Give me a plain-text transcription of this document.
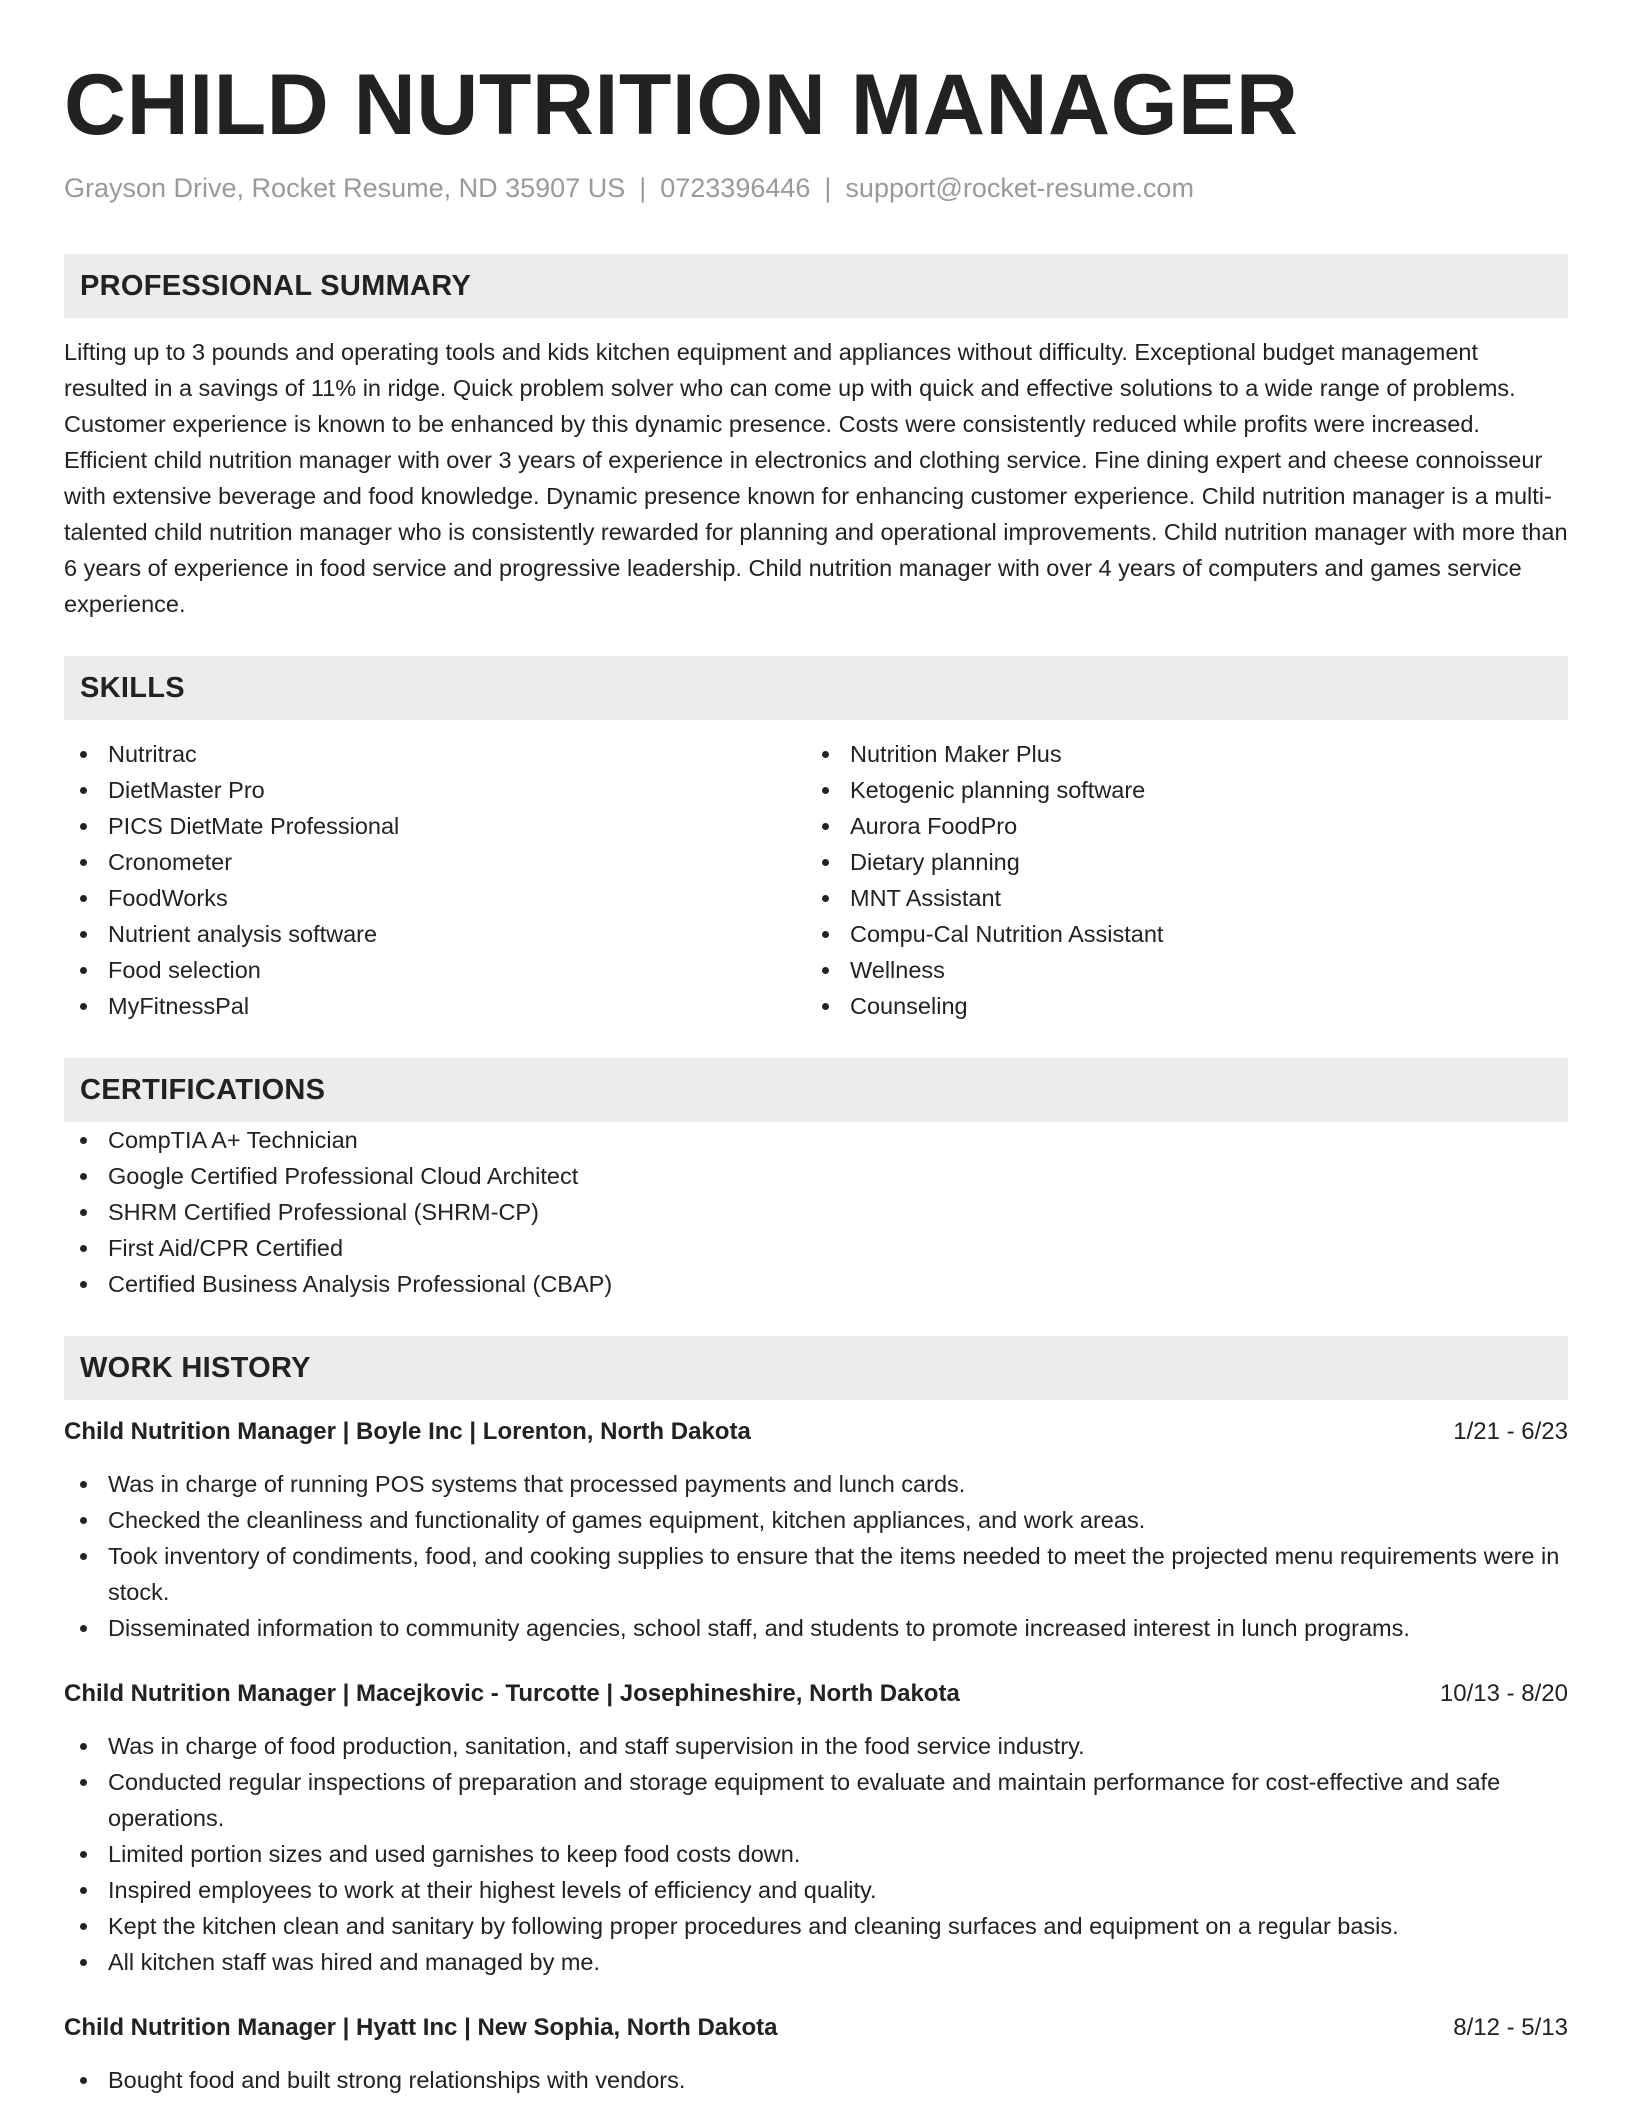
CHILD NUTRITION MANAGER
Grayson Drive, Rocket Resume, ND 35907 US | 0723396446 | support@rocket-resume.com
PROFESSIONAL SUMMARY

Lifting up to 3 pounds and operating tools and kids kitchen equipment and appliances without difficulty. Exceptional budget management resulted in a savings of 11% in ridge. Quick problem solver who can come up with quick and effective solutions to a wide range of problems. Customer experience is known to be enhanced by this dynamic presence. Costs were consistently reduced while profits were increased. Efficient child nutrition manager with over 3 years of experience in electronics and clothing service. Fine dining expert and cheese connoisseur with extensive beverage and food knowledge. Dynamic presence known for enhancing customer experience. Child nutrition manager is a multi-talented child nutrition manager who is consistently rewarded for planning and operational improvements. Child nutrition manager with more than 6 years of experience in food service and progressive leadership. Child nutrition manager with over 4 years of computers and games service experience.

SKILLS
Nutritrac
DietMaster Pro
PICS DietMate Professional
Cronometer
FoodWorks
Nutrient analysis software
Food selection
MyFitnessPal
Nutrition Maker Plus
Ketogenic planning software
Aurora FoodPro
Dietary planning
MNT Assistant
Compu-Cal Nutrition Assistant
Wellness
Counseling
CERTIFICATIONS
CompTIA A+ Technician
Google Certified Professional Cloud Architect
SHRM Certified Professional (SHRM-CP)
First Aid/CPR Certified
Certified Business Analysis Professional (CBAP)
WORK HISTORY
Child Nutrition Manager | Boyle Inc | Lorenton, North Dakota	1/21 - 6/23
Was in charge of running POS systems that processed payments and lunch cards.
Checked the cleanliness and functionality of games equipment, kitchen appliances, and work areas.
Took inventory of condiments, food, and cooking supplies to ensure that the items needed to meet the projected menu requirements were in stock.
Disseminated information to community agencies, school staff, and students to promote increased interest in lunch programs.
Child Nutrition Manager | Macejkovic - Turcotte | Josephineshire, North Dakota	10/13 - 8/20
Was in charge of food production, sanitation, and staff supervision in the food service industry.
Conducted regular inspections of preparation and storage equipment to evaluate and maintain performance for cost-effective and safe operations.
Limited portion sizes and used garnishes to keep food costs down.
Inspired employees to work at their highest levels of efficiency and quality.
Kept the kitchen clean and sanitary by following proper procedures and cleaning surfaces and equipment on a regular basis.
All kitchen staff was hired and managed by me.
Child Nutrition Manager | Hyatt Inc | New Sophia, North Dakota	8/12 - 5/13
Bought food and built strong relationships with vendors.
